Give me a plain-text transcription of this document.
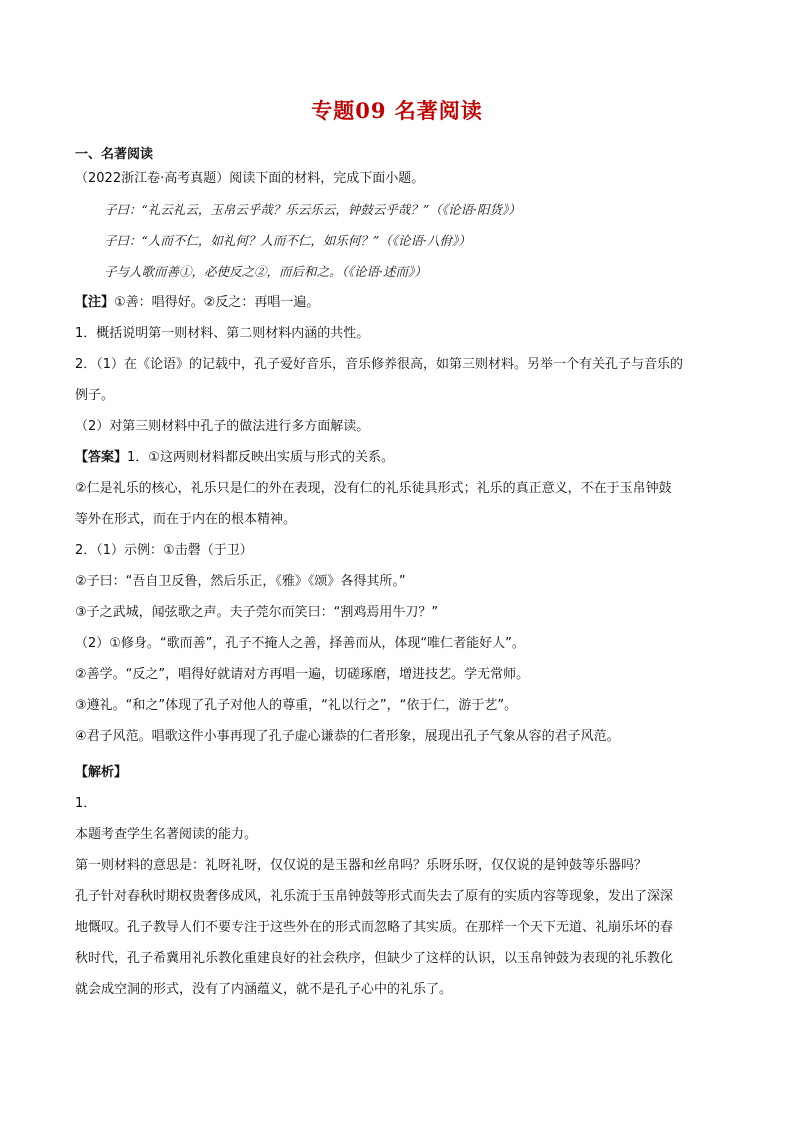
专题09 名著阅读
一、名著阅读
（2022浙江卷·高考真题）阅读下面的材料，完成下面小题。
子曰：“礼云礼云，玉帛云乎哉？乐云乐云，钟鼓云乎哉？”（《论语·阳货》）
子曰：“人而不仁，如礼何？人而不仁，如乐何？”（《论语·八佾》）
子与人歌而善①，必使反之②，而后和之。（《论语·述而》）
【注】①善：唱得好。②反之：再唱一遍。
1．概括说明第一则材料、第二则材料内涵的共性。
2．（1）在《论语》的记载中，孔子爱好音乐，音乐修养很高，如第三则材料。另举一个有关孔子与音乐的
例子。
（2）对第三则材料中孔子的做法进行多方面解读。
【答案】1．①这两则材料都反映出实质与形式的关系。
②仁是礼乐的核心，礼乐只是仁的外在表现，没有仁的礼乐徒具形式；礼乐的真正意义，不在于玉帛钟鼓
等外在形式，而在于内在的根本精神。
2．（1）示例：①击磬（于卫）
②子曰：“吾自卫反鲁，然后乐正，《雅》《颂》各得其所。”
③子之武城，闻弦歌之声。夫子莞尔而笑曰：“割鸡焉用牛刀？”
（2）①修身。“歌而善”，孔子不掩人之善，择善而从，体现“唯仁者能好人”。
②善学。“反之”，唱得好就请对方再唱一遍，切磋琢磨，增进技艺。学无常师。
③遵礼。“和之”体现了孔子对他人的尊重，“礼以行之”，“依于仁，游于艺”。
④君子风范。唱歌这件小事再现了孔子虚心谦恭的仁者形象，展现出孔子气象从容的君子风范。
【解析】
1．
本题考查学生名著阅读的能力。
第一则材料的意思是：礼呀礼呀，仅仅说的是玉器和丝帛吗？乐呀乐呀，仅仅说的是钟鼓等乐器吗？
孔子针对春秋时期权贵奢侈成风，礼乐流于玉帛钟鼓等形式而失去了原有的实质内容等现象，发出了深深
地慨叹。孔子教导人们不要专注于这些外在的形式而忽略了其实质。在那样一个天下无道、礼崩乐坏的春
秋时代，孔子希冀用礼乐教化重建良好的社会秩序，但缺少了这样的认识，以玉帛钟鼓为表现的礼乐教化
就会成空洞的形式，没有了内涵蕴义，就不是孔子心中的礼乐了。
